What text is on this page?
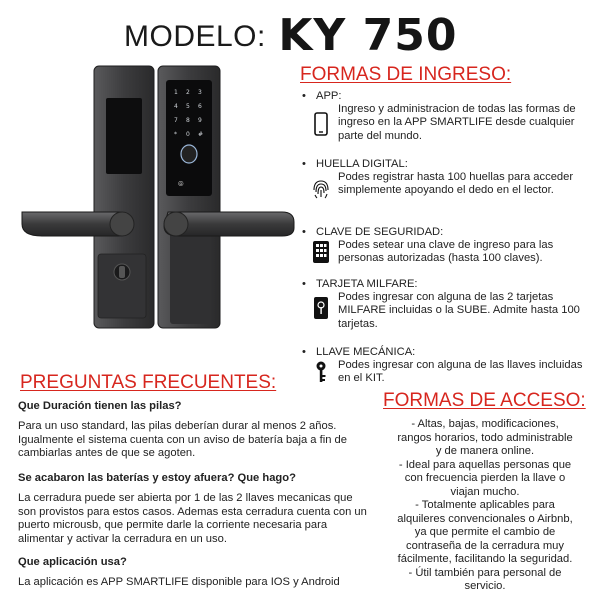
MODELO: KY 750
1 2 3
4 5 6
7 8 9
* 0 #
⦾
FORMAS DE INGRESO:
• APP:
Ingreso y administracion de todas las formas de ingreso en la APP SMARTLIFE desde cualquier parte del mundo.
• HUELLA DIGITAL:
Podes registrar hasta 100 huellas para acceder simplemente apoyando el dedo en el lector.
• CLAVE DE SEGURIDAD:
Podes setear una clave de ingreso para las personas autorizadas (hasta 100 claves).
• TARJETA MILFARE:
Podes ingresar con alguna de las 2 tarjetas MILFARE incluidas o la SUBE. Admite hasta 100 tarjetas.
• LLAVE MECÁNICA:
Podes ingresar con alguna de las llaves incluidas en el KIT.
PREGUNTAS FRECUENTES:
Que Duración tienen las pilas?
Para un uso standard, las pilas deberían durar al menos 2 años. Igualmente el sistema cuenta con un aviso de batería baja a fin de cambiarlas antes de que se agoten.
Se acabaron las baterías y estoy afuera? Que hago?
La cerradura puede ser abierta por 1 de las 2 llaves mecanicas que son provistos para estos casos. Ademas esta cerradura cuenta con un puerto microusb, que permite darle la corriente necesaria para alimentar y activar la cerradura en un uso.
Que aplicación usa?
La aplicación es APP SMARTLIFE disponible para IOS y Android
FORMAS DE ACCESO:
- Altas, bajas, modificaciones,
rangos horarios, todo administrable
y de manera online.
- Ideal para aquellas personas que
con frecuencia pierden la llave o
viajan mucho.
- Totalmente aplicables para
alquileres convencionales o Airbnb,
ya que permite el cambio de
contraseña de la cerradura muy
fácilmente, facilitando la seguridad.
- Útil también para personal de
servicio.
